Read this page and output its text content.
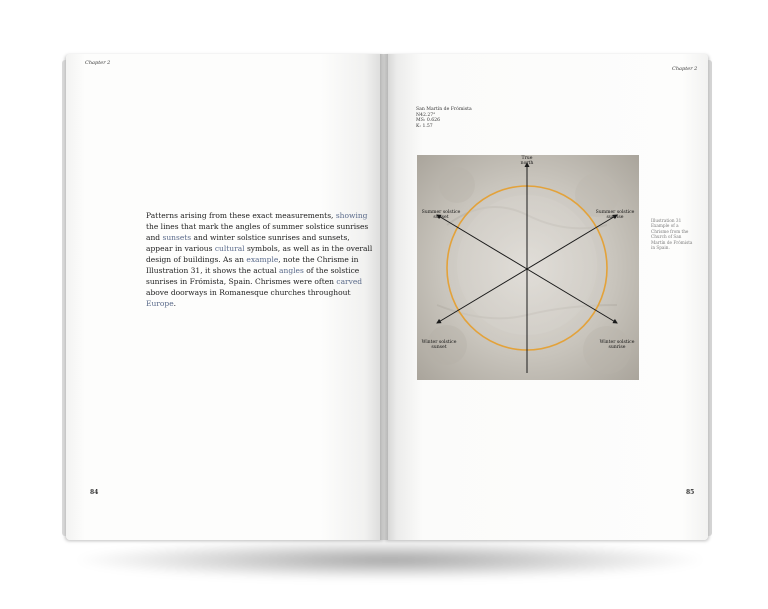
Chapter 2
Chapter 2
Patterns arising from these exact measurements, showing the lines that mark the angles of summer solstice sunrises and sunsets and winter solstice sunrises and sunsets, appear in various cultural symbols, as well as in the overall design of buildings. As an example, note the Chrisme in Illustration 31, it shows the actual angles of the solstice sunrises in Frómista, Spain. Chrismes were often carved above doorways in Romanesque churches throughout Europe.
84	85
San Martín de Frómista
N42.27°
MS: 0.626
K: 1.57
True north
Summer solstice sunset
Summer solstice sunrise
Winter solstice sunset
Winter solstice sunrise
Illustration 31 Example of a Chrisme from the Church of San Martín de Frómista in Spain.
